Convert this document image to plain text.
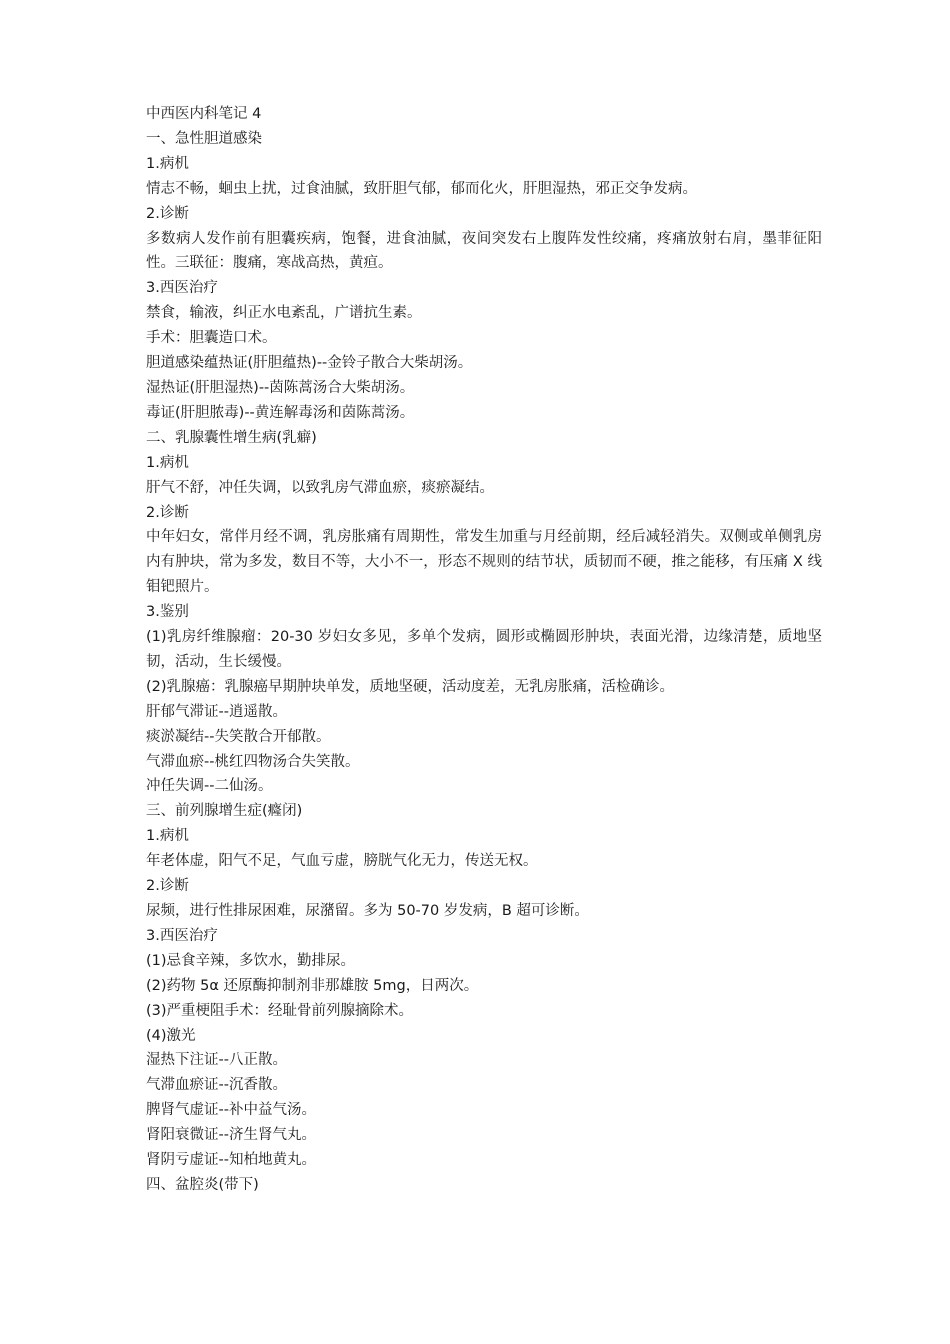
中西医内科笔记 4
一、急性胆道感染
1.病机
情志不畅，蛔虫上扰，过食油腻，致肝胆气郁，郁而化火，肝胆湿热，邪正交争发病。
2.诊断
多数病人发作前有胆囊疾病，饱餐，进食油腻，夜间突发右上腹阵发性绞痛，疼痛放射右肩，墨菲征阳性。三联征：腹痛，寒战高热，黄疸。
3.西医治疗
禁食，输液，纠正水电紊乱，广谱抗生素。
手术：胆囊造口术。
胆道感染蕴热证(肝胆蕴热)--金铃子散合大柴胡汤。
湿热证(肝胆湿热)--茵陈蒿汤合大柴胡汤。
毒证(肝胆脓毒)--黄连解毒汤和茵陈蒿汤。
二、乳腺囊性增生病(乳癖)
1.病机
肝气不舒，冲任失调，以致乳房气滞血瘀，痰瘀凝结。
2.诊断
中年妇女，常伴月经不调，乳房胀痛有周期性，常发生加重与月经前期，经后减轻消失。双侧或单侧乳房内有肿块，常为多发，数目不等，大小不一，形态不规则的结节状，质韧而不硬，推之能移，有压痛 X 线钼钯照片。
3.鉴别
(1)乳房纤维腺瘤：20-30 岁妇女多见，多单个发病，圆形或椭圆形肿块，表面光滑，边缘清楚，质地坚韧，活动，生长缓慢。
(2)乳腺癌：乳腺癌早期肿块单发，质地坚硬，活动度差，无乳房胀痛，活检确诊。
肝郁气滞证--逍遥散。
痰淤凝结--失笑散合开郁散。
气滞血瘀--桃红四物汤合失笑散。
冲任失调--二仙汤。
三、前列腺增生症(癃闭)
1.病机
年老体虚，阳气不足，气血亏虚，膀胱气化无力，传送无权。
2.诊断
尿频，进行性排尿困难，尿潴留。多为 50-70 岁发病，B 超可诊断。
3.西医治疗
(1)忌食辛辣，多饮水，勤排尿。
(2)药物 5α 还原酶抑制剂非那雄胺 5mg，日两次。
(3)严重梗阻手术：经耻骨前列腺摘除术。
(4)激光
湿热下注证--八正散。
气滞血瘀证--沉香散。
脾肾气虚证--补中益气汤。
肾阳衰微证--济生肾气丸。
肾阴亏虚证--知柏地黄丸。
四、盆腔炎(带下)
